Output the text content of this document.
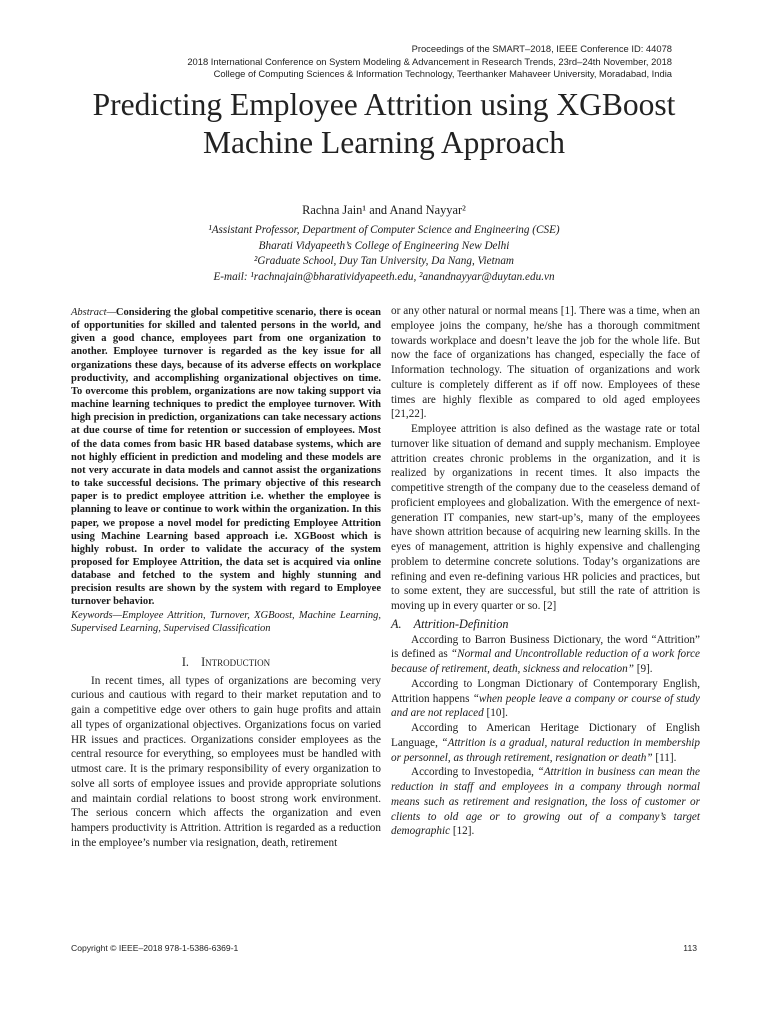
Proceedings of the SMART–2018, IEEE Conference ID: 44078
2018 International Conference on System Modeling & Advancement in Research Trends, 23rd–24th November, 2018
College of Computing Sciences & Information Technology, Teerthanker Mahaveer University, Moradabad, India
Predicting Employee Attrition using XGBoost Machine Learning Approach
Rachna Jain¹ and Anand Nayyar²
¹Assistant Professor, Department of Computer Science and Engineering (CSE)
Bharati Vidyapeeth’s College of Engineering New Delhi
²Graduate School, Duy Tan University, Da Nang, Vietnam
E-mail: ¹rachnajain@bharatividyapeeth.edu, ²anandnayyar@duytan.edu.vn

Abstract—Considering the global competitive scenario, there is ocean of opportunities for skilled and talented persons in the world, and given a good chance, employees part from one organization to another. Employee turnover is regarded as the key issue for all organizations these days, because of its adverse effects on workplace productivity, and accomplishing organizational objectives on time. To overcome this problem, organizations are now taking support via machine learning techniques to predict the employee turnover. With high precision in prediction, organizations can take necessary actions at due course of time for retention or succession of employees. Most of the data comes from basic HR based database systems, which are not highly efficient in prediction and modeling and these models are not very accurate in data models and cannot assist the organizations to take successful decisions. The primary objective of this research paper is to predict employee attrition i.e. whether the employee is planning to leave or continue to work within the organization. In this paper, we propose a novel model for predicting Employee Attrition using Machine Learning based approach i.e. XGBoost which is highly robust. In order to validate the accuracy of the system proposed for Employee Attrition, the data set is acquired via online database and fetched to the system and highly stunning and precision results are shown by the system with regard to Employee turnover behavior.

Keywords—Employee Attrition, Turnover, XGBoost, Machine Learning, Supervised Learning, Supervised Classification

I. Introduction

In recent times, all types of organizations are becoming very curious and cautious with regard to their market reputation and to gain a competitive edge over others to gain huge profits and attain all types of organizational objectives. Organizations focus on varied HR issues and practices. Organizations consider employees as the central resource for everything, so employees must be handled with utmost care. It is the primary responsibility of every organization to solve all sorts of employee issues and provide appropriate solutions and maintain cordial relations to boost strong work environment. The serious concern which affects the organization and even hampers productivity is Attrition. Attrition is regarded as a reduction in the employee’s number via resignation, death, retirement

or any other natural or normal means [1]. There was a time, when an employee joins the company, he/she has a thorough commitment towards workplace and doesn’t leave the job for the whole life. But now the face of organizations has changed, especially the face of Information technology. The situation of organizations and work culture is completely different as if off now. Employees of these times are highly flexible as compared to old aged employees [21,22].

Employee attrition is also defined as the wastage rate or total turnover like situation of demand and supply mechanism. Employee attrition creates chronic problems in the organization, and it is realized by organizations in recent times. It also impacts the competitive strength of the company due to the ceaseless demand of proficient employees and globalization. With the emergence of next-generation IT companies, new start-up’s, many of the employees have shown attrition because of acquiring new learning skills. In the eyes of management, attrition is highly expensive and challenging problem to determine concrete solutions. Today’s organizations are refining and even re-defining various HR policies and practices, but to some extent, they are successful, but still the rate of attrition is moving up in every quarter or so. [2]

A. Attrition-Definition

According to Barron Business Dictionary, the word “Attrition” is defined as “Normal and Uncontrollable reduction of a work force because of retirement, death, sickness and relocation” [9].

According to Longman Dictionary of Contemporary English, Attrition happens “when people leave a company or course of study and are not replaced [10].

According to American Heritage Dictionary of English Language, “Attrition is a gradual, natural reduction in membership or personnel, as through retirement, resignation or death” [11].

According to Investopedia, “Attrition in business can mean the reduction in staff and employees in a company through normal means such as retirement and resignation, the loss of customer or clients to old age or to growing out of a company’s target demographic [12].

Copyright © IEEE–2018 978-1-5386-6369-1	113
